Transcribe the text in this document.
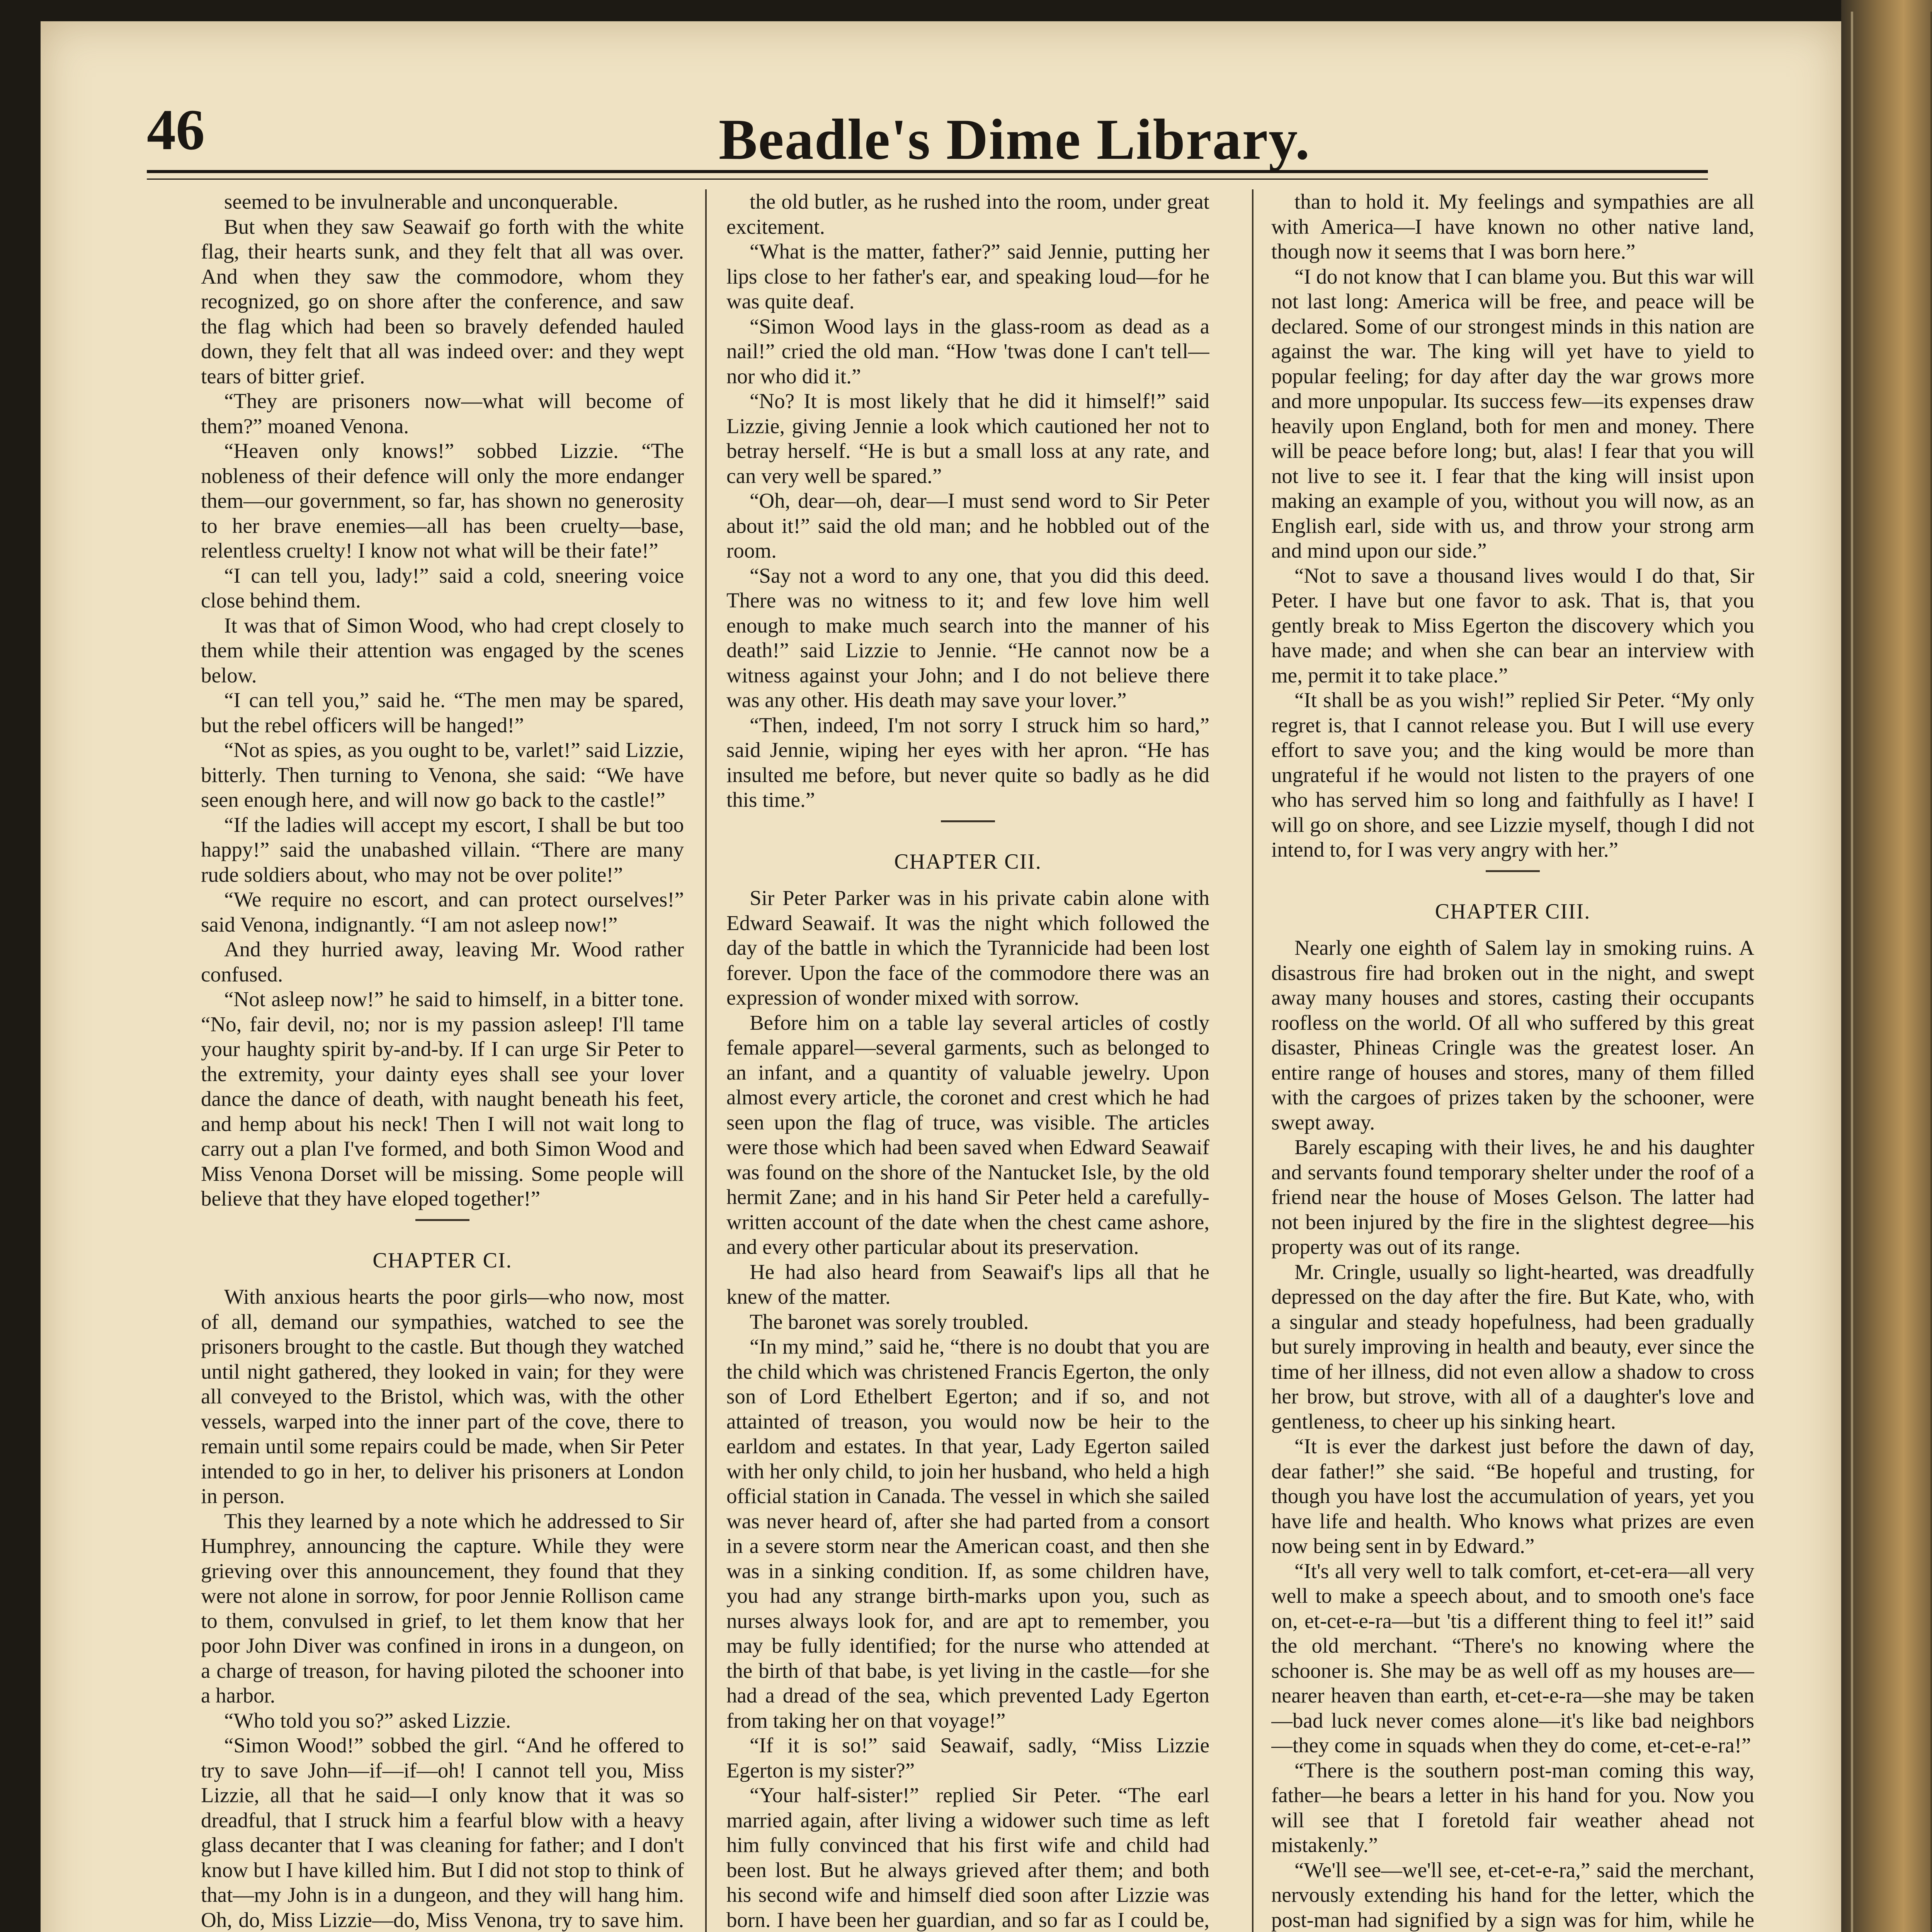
46	Beadle's Dime Library.

seemed to be invulnerable and unconquerable.

But when they saw Seawaif go forth with the white flag, their hearts sunk, and they felt that all was over. And when they saw the commodore, whom they recognized, go on shore after the conference, and saw the flag which had been so bravely defended hauled down, they felt that all was indeed over: and they wept tears of bitter grief.

“They are prisoners now—what will become of them?” moaned Venona.

“Heaven only knows!” sobbed Lizzie. “The nobleness of their defence will only the more endanger them—our government, so far, has shown no generosity to her brave enemies—all has been cruelty—base, relentless cruelty! I know not what will be their fate!”

“I can tell you, lady!” said a cold, sneering voice close behind them.

It was that of Simon Wood, who had crept closely to them while their attention was engaged by the scenes below.

“I can tell you,” said he. “The men may be spared, but the rebel officers will be hanged!”

“Not as spies, as you ought to be, varlet!” said Lizzie, bitterly. Then turning to Venona, she said: “We have seen enough here, and will now go back to the castle!”

“If the ladies will accept my escort, I shall be but too happy!” said the unabashed villain. “There are many rude soldiers about, who may not be over polite!”

“We require no escort, and can protect ourselves!” said Venona, indignantly. “I am not asleep now!”

And they hurried away, leaving Mr. Wood rather confused.

“Not asleep now!” he said to himself, in a bitter tone. “No, fair devil, no; nor is my passion asleep! I'll tame your haughty spirit by-and-by. If I can urge Sir Peter to the extremity, your dainty eyes shall see your lover dance the dance of death, with naught beneath his feet, and hemp about his neck! Then I will not wait long to carry out a plan I've formed, and both Simon Wood and Miss Venona Dorset will be missing. Some people will believe that they have eloped together!”

CHAPTER CI.

With anxious hearts the poor girls—who now, most of all, demand our sympathies, watched to see the prisoners brought to the castle. But though they watched until night gathered, they looked in vain; for they were all conveyed to the Bristol, which was, with the other vessels, warped into the inner part of the cove, there to remain until some repairs could be made, when Sir Peter intended to go in her, to deliver his prisoners at London in person.

This they learned by a note which he addressed to Sir Humphrey, announcing the capture. While they were grieving over this announcement, they found that they were not alone in sorrow, for poor Jennie Rollison came to them, convulsed in grief, to let them know that her poor John Diver was confined in irons in a dungeon, on a charge of treason, for having piloted the schooner into a harbor.

“Who told you so?” asked Lizzie.

“Simon Wood!” sobbed the girl. “And he offered to try to save John—if—if—oh! I cannot tell you, Miss Lizzie, all that he said—I only know that it was so dreadful, that I struck him a fearful blow with a heavy glass decanter that I was cleaning for father; and I don't know but I have killed him. But I did not stop to think of that—my John is in a dungeon, and they will hang him. Oh, do, Miss Lizzie—do, Miss Venona, try to save him.

the old butler, as he rushed into the room, under great excitement.

“What is the matter, father?” said Jennie, putting her lips close to her father's ear, and speaking loud—for he was quite deaf.

“Simon Wood lays in the glass-room as dead as a nail!” cried the old man. “How 'twas done I can't tell—nor who did it.”

“No? It is most likely that he did it himself!” said Lizzie, giving Jennie a look which cautioned her not to betray herself. “He is but a small loss at any rate, and can very well be spared.”

“Oh, dear—oh, dear—I must send word to Sir Peter about it!” said the old man; and he hobbled out of the room.

“Say not a word to any one, that you did this deed. There was no witness to it; and few love him well enough to make much search into the manner of his death!” said Lizzie to Jennie. “He cannot now be a witness against your John; and I do not believe there was any other. His death may save your lover.”

“Then, indeed, I'm not sorry I struck him so hard,” said Jennie, wiping her eyes with her apron. “He has insulted me before, but never quite so badly as he did this time.”

CHAPTER CII.

Sir Peter Parker was in his private cabin alone with Edward Seawaif. It was the night which followed the day of the battle in which the Tyrannicide had been lost forever. Upon the face of the commodore there was an expression of wonder mixed with sorrow.

Before him on a table lay several articles of costly female apparel—several garments, such as belonged to an infant, and a quantity of valuable jewelry. Upon almost every article, the coronet and crest which he had seen upon the flag of truce, was visible. The articles were those which had been saved when Edward Seawaif was found on the shore of the Nantucket Isle, by the old hermit Zane; and in his hand Sir Peter held a carefully-written account of the date when the chest came ashore, and every other particular about its preservation.

He had also heard from Seawaif's lips all that he knew of the matter.

The baronet was sorely troubled.

“In my mind,” said he, “there is no doubt that you are the child which was christened Francis Egerton, the only son of Lord Ethelbert Egerton; and if so, and not attainted of treason, you would now be heir to the earldom and estates. In that year, Lady Egerton sailed with her only child, to join her husband, who held a high official station in Canada. The vessel in which she sailed was never heard of, after she had parted from a consort in a severe storm near the American coast, and then she was in a sinking condition. If, as some children have, you had any strange birth-marks upon you, such as nurses always look for, and are apt to remember, you may be fully identified; for the nurse who attended at the birth of that babe, is yet living in the castle—for she had a dread of the sea, which prevented Lady Egerton from taking her on that voyage!”

“If it is so!” said Seawaif, sadly, “Miss Lizzie Egerton is my sister?”

“Your half-sister!” replied Sir Peter. “The earl married again, after living a widower such time as left him fully convinced that his first wife and child had been lost. But he always grieved after them; and both his second wife and himself died soon after Lizzie was born. I have been her guardian, and so far as I could be,

than to hold it. My feelings and sympathies are all with America—I have known no other native land, though now it seems that I was born here.”

“I do not know that I can blame you. But this war will not last long: America will be free, and peace will be declared. Some of our strongest minds in this nation are against the war. The king will yet have to yield to popular feeling; for day after day the war grows more and more unpopular. Its success few—its expenses draw heavily upon England, both for men and money. There will be peace before long; but, alas! I fear that you will not live to see it. I fear that the king will insist upon making an example of you, without you will now, as an English earl, side with us, and throw your strong arm and mind upon our side.”

“Not to save a thousand lives would I do that, Sir Peter. I have but one favor to ask. That is, that you gently break to Miss Egerton the discovery which you have made; and when she can bear an interview with me, permit it to take place.”

“It shall be as you wish!” replied Sir Peter. “My only regret is, that I cannot release you. But I will use every effort to save you; and the king would be more than ungrateful if he would not listen to the prayers of one who has served him so long and faithfully as I have! I will go on shore, and see Lizzie myself, though I did not intend to, for I was very angry with her.”

CHAPTER CIII.

Nearly one eighth of Salem lay in smoking ruins. A disastrous fire had broken out in the night, and swept away many houses and stores, casting their occupants roofless on the world. Of all who suffered by this great disaster, Phineas Cringle was the greatest loser. An entire range of houses and stores, many of them filled with the cargoes of prizes taken by the schooner, were swept away.

Barely escaping with their lives, he and his daughter and servants found temporary shelter under the roof of a friend near the house of Moses Gelson. The latter had not been injured by the fire in the slightest degree—his property was out of its range.

Mr. Cringle, usually so light-hearted, was dreadfully depressed on the day after the fire. But Kate, who, with a singular and steady hopefulness, had been gradually but surely improving in health and beauty, ever since the time of her illness, did not even allow a shadow to cross her brow, but strove, with all of a daughter's love and gentleness, to cheer up his sinking heart.

“It is ever the darkest just before the dawn of day, dear father!” she said. “Be hopeful and trusting, for though you have lost the accumulation of years, yet you have life and health. Who knows what prizes are even now being sent in by Edward.”

“It's all very well to talk comfort, et-cet-era—all very well to make a speech about, and to smooth one's face on, et-cet-e-ra—but 'tis a different thing to feel it!” said the old merchant. “There's no knowing where the schooner is. She may be as well off as my houses are—nearer heaven than earth, et-cet-e-ra—she may be taken—bad luck never comes alone—it's like bad neighbors—they come in squads when they do come, et-cet-e-ra!”

“There is the southern post-man coming this way, father—he bears a letter in his hand for you. Now you will see that I foretold fair weather ahead not mistakenly.”

“We'll see—we'll see, et-cet-e-ra,” said the merchant, nervously extending his hand for the letter, which the post-man had signified by a sign was for him, while he
